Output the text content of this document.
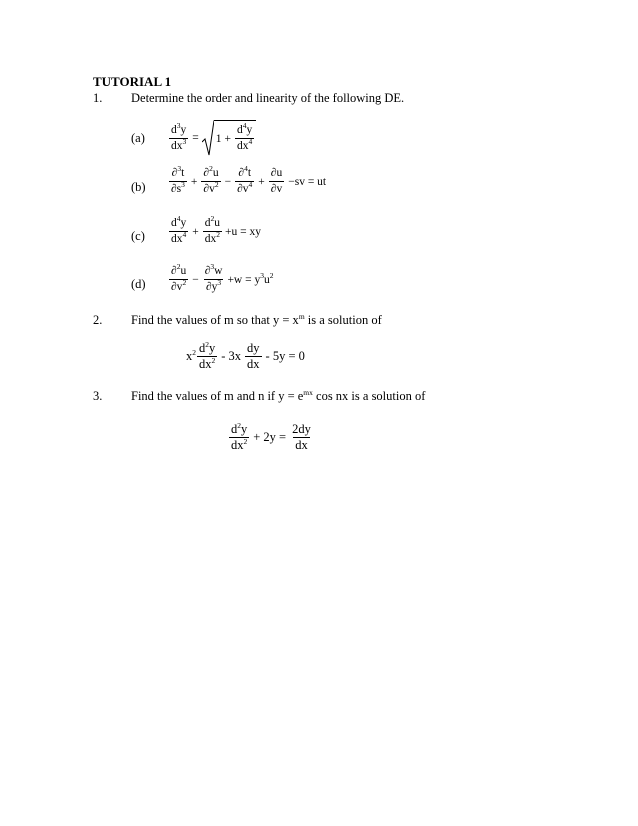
TUTORIAL 1
1. Determine the order and linearity of the following DE.
$(a) \frac{d^3y}{dx^3} = 1 + \frac{d^4y}{dx^4}$
$(b) \frac{\partial^3t}{\partial s^3} + \frac{\partial^2u}{\partial v^2} - \frac{\partial^4t}{\partial v^4} + \frac{\partial u}{\partial v} -sv$ = ut
$(c) \frac{d^4y}{dx^4} + \frac{d^2u}{dx^2} +u$ = xy
$(d) \frac{\partial^2u}{\partial v^2} - \frac{\partial^3w}{\partial y^3} +w = y^3u^2$
2. Find the values of m so that $y = x^m$ is a solution of
$x^2 \frac{d^2y}{dx^2} - 3x \frac{dy}{dx} - 5y = 0$
3. Find the values of m and n if $y = e^{mx}$ cos nx is a solution of
$\frac{d^2y}{dx^2} + 2y = \frac{2dy}{dx}$
